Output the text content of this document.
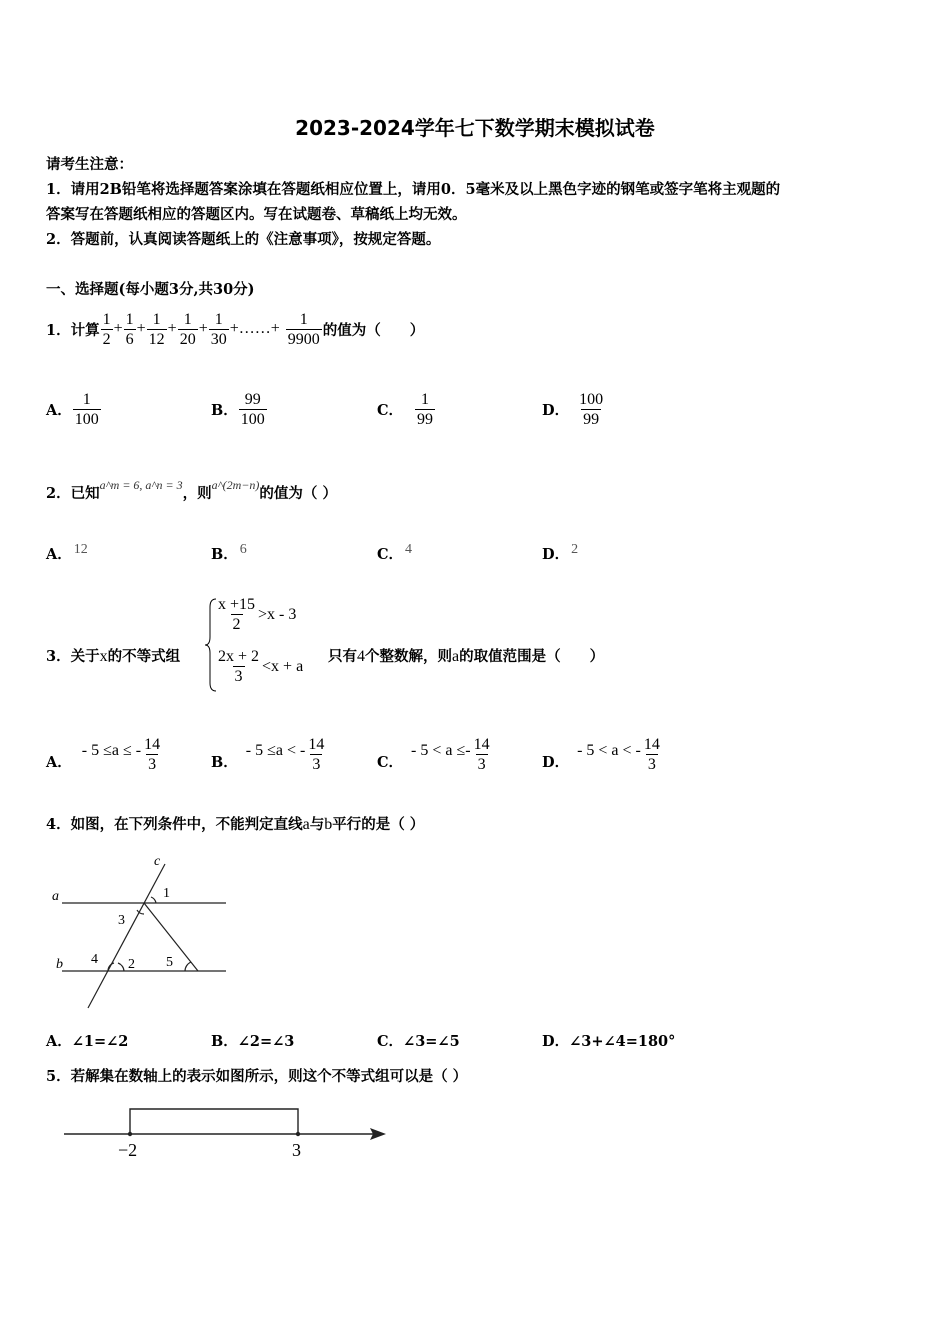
2023-2024学年七下数学期末模拟试卷
请考生注意：
1．请用2B铅笔将选择题答案涂填在答题纸相应位置上，请用0．5毫米及以上黑色字迹的钢笔或签字笔将主观题的
答案写在答题纸相应的答题区内。写在试题卷、草稿纸上均无效。
2．答题前，认真阅读答题纸上的《注意事项》，按规定答题。
一、选择题(每小题3分,共30分)
1．计算 $\frac{1}{2} + \frac{1}{6} + \frac{1}{12} + \frac{1}{20} + \frac{1}{30}$ +……+ $\frac{1}{9900}$ 的值为（　　）
A． $\frac{1}{100}$	B． $\frac{99}{100}$	C． $\frac{1}{99}$	D． $\frac{100}{99}$
2．已知 a^m = 6, a^n = 3 ，则 a^(2m−n) 的值为（ ）
A． 12	B． 6	C． 4	D． 2
3．关于x的不等式组
$\frac{x +15}{2} >x - 3$
$\frac{2x + 2}{3} <x + a$
只有4个整数解，则a的取值范围是（　　）
A．
- 5 ≤a ≤ - $\frac{14}{3}$	B．
- 5 ≤a < - $\frac{14}{3}$	C．
- $5 < a \le- \frac{14}{3}$	D．
- 5 < a < - $\frac{14}{3}$
4．如图，在下列条件中，不能判定直线a与b平行的是（ ）
c
a
b
1
2
3
4	5
A．∠1=∠2	B．∠2=∠3	C．∠3=∠5	D．∠3+∠4=180°
5．若解集在数轴上的表示如图所示，则这个不等式组可以是（ ）
−2	3
